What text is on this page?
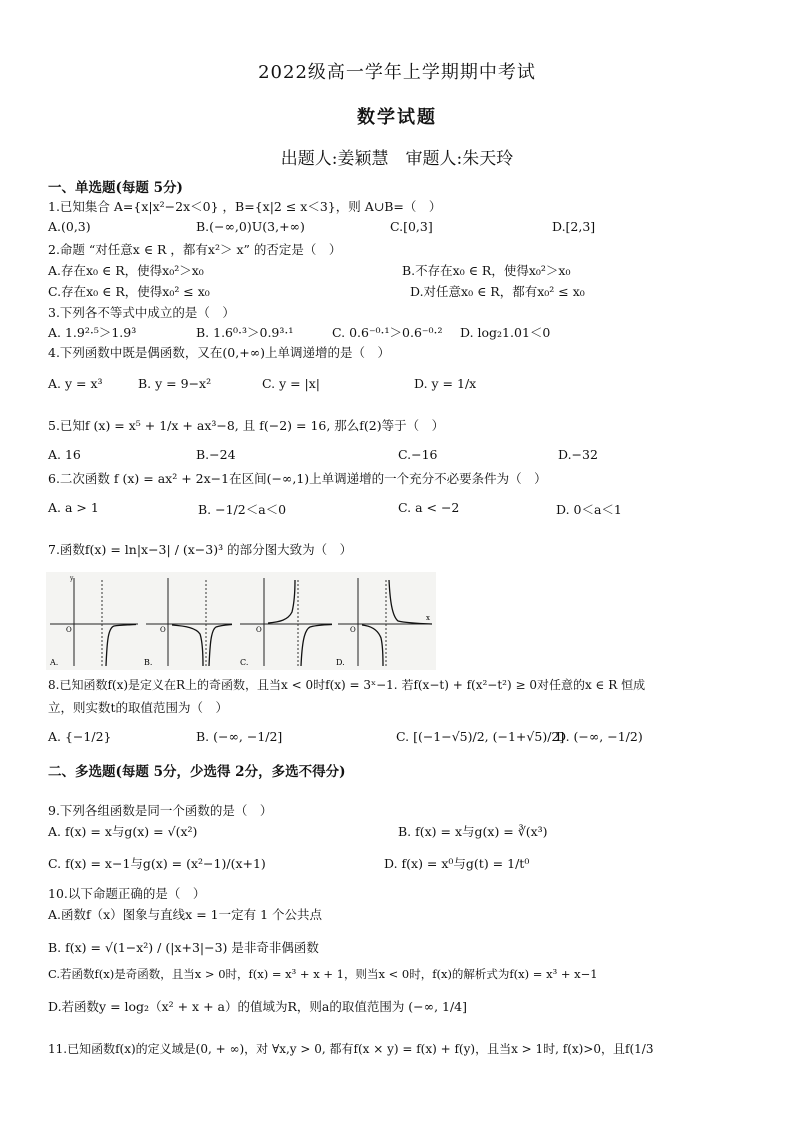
2022级高一学年上学期期中考试
数学试题
出题人:姜颖慧　审题人:朱天玲
一、单选题(每题 5分)
1.已知集合 A={x|x²−2x＜0} ，B={x|2 ≤ x＜3}，则 A∪B=（　）
A.(0,3)	B.(−∞,0)U(3,+∞)	C.[0,3]	D.[2,3]
2.命题 “对任意x ∈ R ，都有x²＞ x” 的否定是（　）
A.存在x₀ ∈ R，使得x₀²＞x₀	B.不存在x₀ ∈ R，使得x₀²＞x₀
C.存在x₀ ∈ R，使得x₀² ≤ x₀	D.对任意x₀ ∈ R，都有x₀² ≤ x₀
3.下列各不等式中成立的是（　）
A. 1.9²·⁵＞1.9³	B. 1.6⁰·³＞0.9³·¹	C. 0.6⁻⁰·¹＞0.6⁻⁰·² D. log₂1.01＜0
4.下列函数中既是偶函数，又在(0,+∞)上单调递增的是（　）
A. y = x³	B. y = 9−x²	C. y = |x|	D. y = 1/x
5.已知f (x) = x⁵ + 1/x + ax³−8, 且 f(−2) = 16, 那么f(2)等于（　）
A. 16	B.−24	C.−16	D.−32
6.二次函数 f (x) = ax² + 2x−1在区间(−∞,1)上单调递增的一个充分不必要条件为（　）
A. a > 1	B. −1/2＜a＜0	C. a < −2	D. 0＜a＜1
7.函数f(x) = ln|x−3| / (x−3)³ 的部分图大致为（　）
O
y
A.
O
B.
O
C.
O
x
D.
8.已知函数f(x)是定义在R上的奇函数，且当x < 0时f(x) = 3ˣ−1. 若f(x−t) + f(x²−t²) ≥ 0对任意的x ∈ R 恒成
立，则实数t的取值范围为（　）
A. {−1/2}	B. (−∞, −1/2]	C. [(−1−√5)/2, (−1+√5)/2]
D. (−∞, −1/2)
二、多选题(每题 5分，少选得 2分，多选不得分)
9.下列各组函数是同一个函数的是（　）
A. f(x) = x与g(x) = √(x²)	B. f(x) = x与g(x) = ∛(x³)
C. f(x) = x−1与g(x) = (x²−1)/(x+1)	D. f(x) = x⁰与g(t) = 1/t⁰
10.以下命题正确的是（　）
A.函数f（x）图象与直线x = 1一定有 1 个公共点
B. f(x) = √(1−x²) / (|x+3|−3) 是非奇非偶函数
C.若函数f(x)是奇函数，且当x > 0时，f(x) = x³ + x + 1，则当x < 0时，f(x)的解析式为f(x) = x³ + x−1
D.若函数y = log₂（x² + x + a）的值域为R，则a的取值范围为 (−∞, 1/4]
11.已知函数f(x)的定义域是(0, + ∞)，对 ∀x,y > 0, 都有f(x × y) = f(x) + f(y)，且当x > 1时, f(x)>0，且f(1/3
